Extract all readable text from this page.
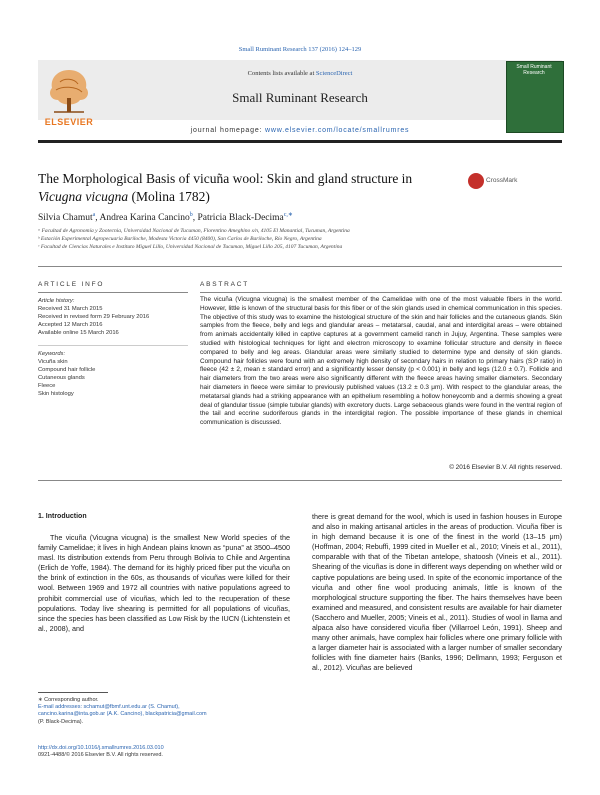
Small Ruminant Research 137 (2016) 124–129
ELSEVIER
Contents lists available at ScienceDirect
Small Ruminant Research
Small Ruminant Research
journal homepage: www.elsevier.com/locate/smallrumres
The Morphological Basis of vicuña wool: Skin and gland structure in
Vicugna vicugna (Molina 1782)
CrossMark
Silvia Chamut$^a$, Andrea Karina Cancino$^b$, Patricia Black-Decima$^{c,∗}$
ᵃ Facultad de Agronomía y Zootecnia, Universidad Nacional de Tucuman, Florentino Ameghino s/n, 4105 El Manantial, Tucuman, Argentina
ᵇ Estación Experimental Agropecuaria Bariloche, Modesta Victoria 4450 (8400), San Carlos de Bariloche, Río Negro, Argentina
ᶜ Facultad de Ciencias Naturales e Instituto Miguel Lillo, Universidad Nacional de Tucuman, Miguel Lillo 205, 4107 Tucuman, Argentina
ARTICLE INFO	ABSTRACT
Article history:
Received 31 March 2015
Received in revised form 29 February 2016
Accepted 12 March 2016
Available online 15 March 2016
Keywords:
Vicuña skin
Compound hair follicle
Cutaneous glands
Fleece
Skin histology
The vicuña (Vicugna vicugna) is the smallest member of the Camelidae with one of the most valuable fibers in the world. However, little is known of the structural basis for this fiber or of the skin glands used in chemical communication in this species. The objective of this study was to examine the histological structure of the skin and hair follicles and the cutaneous glands. Skin samples from the fleece, belly and legs and glandular areas – metatarsal, caudal, anal and interdigital areas – were obtained from animals accidentally killed in captive captures at a government camelid ranch in Jujuy, Argentina. These samples were studied with histological techniques for light and electron microscopy to examine follicular structure and density in fleece compared to belly and leg areas. Glandular areas were similarly studied to determine type and density of skin glands. Compound hair follicles were found with an extremely high density of secondary hairs in relation to primary hairs (S:P ratio) in fleece (42 ± 2, mean ± standard error) and a significantly lesser density (p < 0.001) in belly and legs (12.0 ± 0.7). Follicle and hair diameters from the two areas were also significantly different with the fleece areas having smaller diameters. Secondary hair diameters in fleece were similar to previously published values (13.2 ± 0.3 μm). With respect to the glandular areas, the metatarsal glands had a striking appearance with an epithelium resembling a hollow honeycomb and a dermis showing a great deal of glandular tissue (simple tubular glands) with excretory ducts. Large sebaceous glands were found in the ventral region of the tail and eccrine sudoriferous glands in the interdigital region. The possible importance of these glands in chemical communication is discussed.
© 2016 Elsevier B.V. All rights reserved.
1. Introduction
The vicuña (Vicugna vicugna) is the smallest New World species of the family Camelidae; it lives in high Andean plains known as “puna” at 3500–4500 masl. Its distribution extends from Peru through Bolivia to Chile and Argentina (Erlich de Yoffe, 1984). The demand for its highly priced fiber put the vicuña on the brink of extinction in the 60s, as thousands of vicuñas were killed for their wool. Between 1969 and 1972 all countries with native populations agreed to prohibit commercial use of vicuñas, which led to the recuperation of these populations. Today live shearing is permitted for all populations of vicuñas, since the species has been classified as Low Risk by the IUCN (Lichtenstein et al., 2008), and
there is great demand for the wool, which is used in fashion houses in Europe and also in making artisanal articles in the areas of production. Vicuña fiber is in high demand because it is one of the finest in the world (13–15 μm) (Hoffman, 2004; Rebuffi, 1999 cited in Mueller et al., 2010; Vineis et al., 2011), comparable with that of the Tibetan antelope, shatoosh (Vineis et al., 2011). Shearing of the vicuñas is done in different ways depending on whether wild or captive populations are being used. In spite of the economic importance of the vicuña and other fine wool producing animals, little is known of the morphological structure supporting the fiber. The hairs themselves have been examined and measured, and consistent results are available for hair diameter (Sacchero and Mueller, 2005; Vineis et al., 2011). Studies of wool in llama and alpaca also have considered vicuña fiber (Villarroel León, 1991). Sheep and many other animals, have complex hair follicles where one primary follicle with a larger diameter hair is associated with a larger number of smaller secondary follicles with fine diameter hairs (Banks, 1996; Dellmann, 1993; Ferguson et al., 2012). Vicuñas are believed
∗ Corresponding author.
E-mail addresses: schamut@fbmf.unt.edu.ar (S. Chamut),
cancino.karina@inta.gob.ar (A.K. Cancino), blackpatricia@gmail.com
(P. Black-Decima).
http://dx.doi.org/10.1016/j.smallrumres.2016.03.010
0921-4488/© 2016 Elsevier B.V. All rights reserved.
